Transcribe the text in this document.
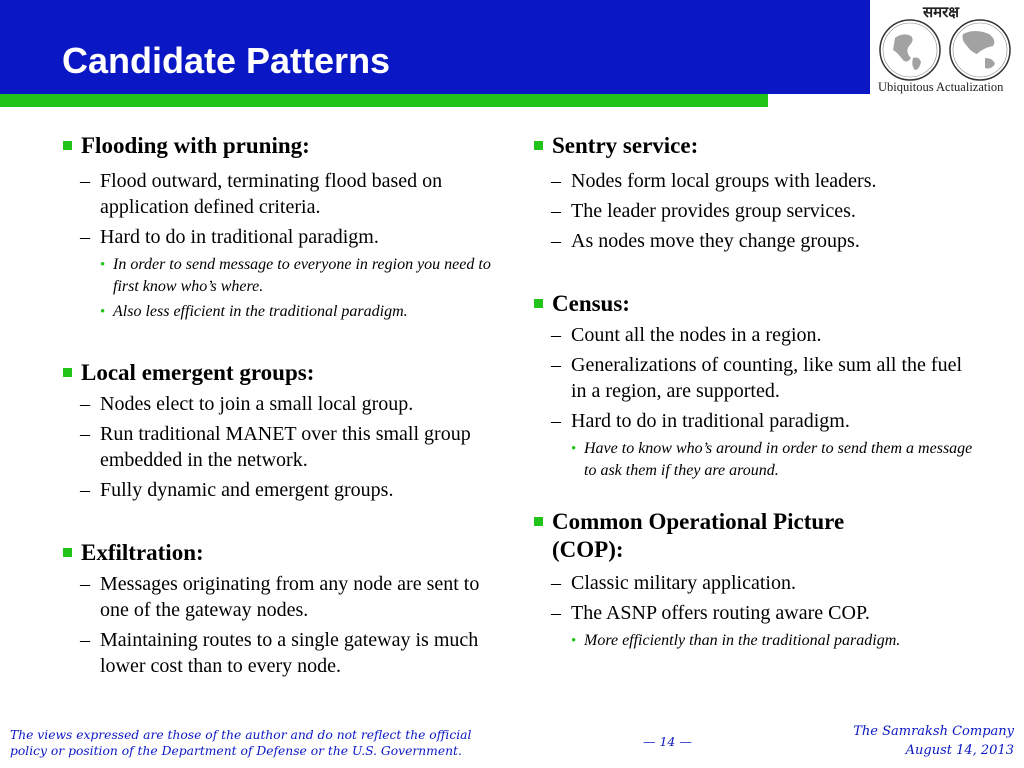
Candidate Patterns
समरक्ष
Ubiquitous Actualization
Flooding with pruning:
– Flood outward, terminating flood based on application defined criteria.
– Hard to do in traditional paradigm.
• In order to send message to everyone in region you need to first know who’s where.
• Also less efficient in the traditional paradigm.
Local emergent groups:
– Nodes elect to join a small local group.
– Run traditional MANET over this small group embedded in the network.
– Fully dynamic and emergent groups.
Exfiltration:
– Messages originating from any node are sent to one of the gateway nodes.
– Maintaining routes to a single gateway is much lower cost than to every node.
Sentry service:
– Nodes form local groups with leaders.
– The leader provides group services.
– As nodes move they change groups.
Census:
– Count all the nodes in a region.
– Generalizations of counting, like sum all the fuel in a region, are supported.
– Hard to do in traditional paradigm.
• Have to know who’s around in order to send them a message to ask them if they are around.
Common Operational Picture (COP):
– Classic military application.
– The ASNP offers routing aware COP.
• More efficiently than in the traditional paradigm.
The views expressed are those of the author and do not reflect the official
policy or position of the Department of Defense or the U.S. Government.
— 14 —
The Samraksh Company
August 14, 2013
